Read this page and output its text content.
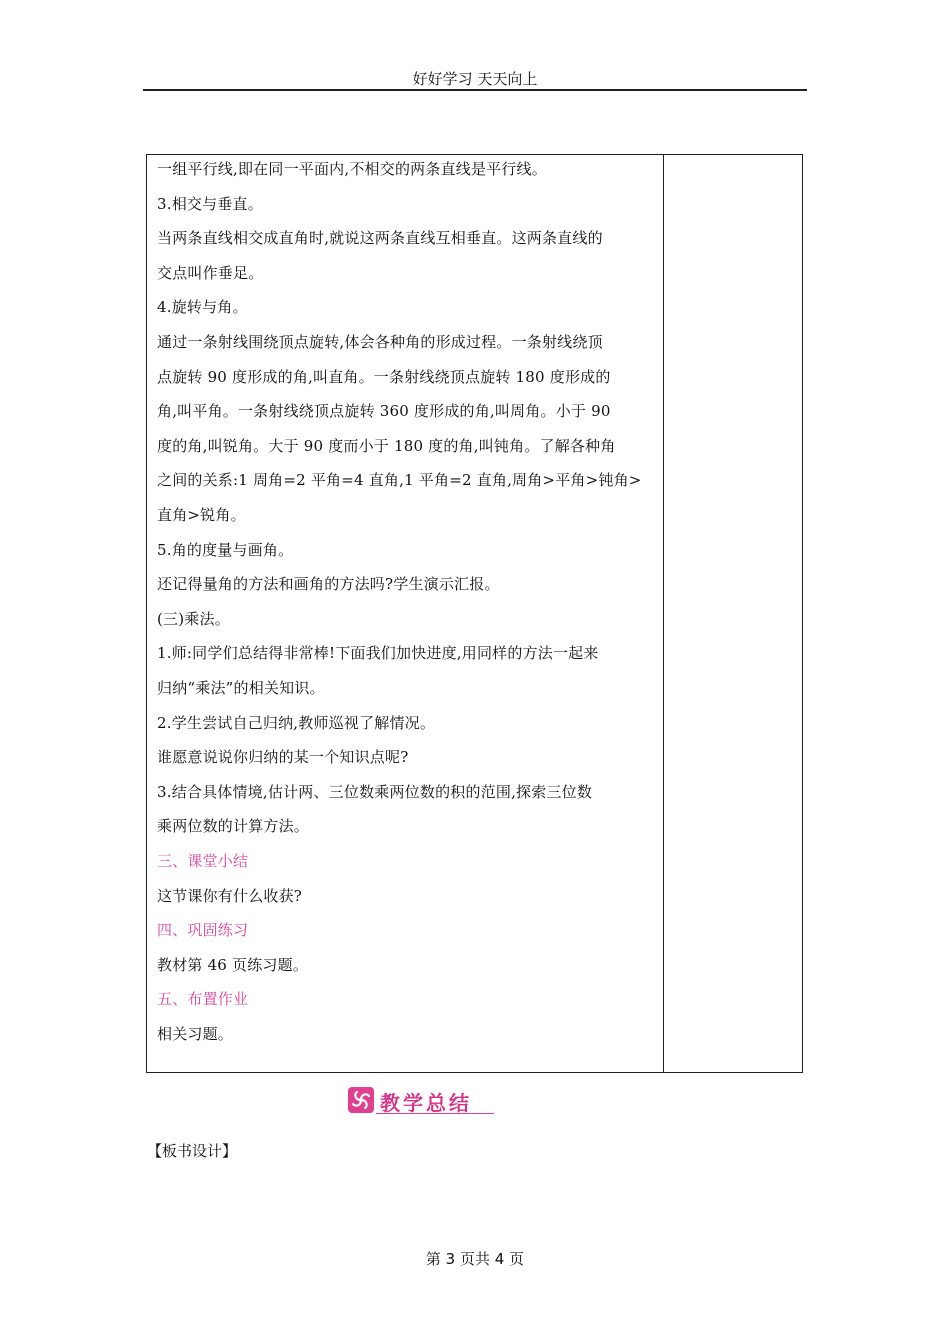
好好学习 天天向上
一组平行线,即在同一平面内,不相交的两条直线是平行线。
3.相交与垂直。
当两条直线相交成直角时,就说这两条直线互相垂直。这两条直线的
交点叫作垂足。
4.旋转与角。
通过一条射线围绕顶点旋转,体会各种角的形成过程。一条射线绕顶
点旋转 90 度形成的角,叫直角。一条射线绕顶点旋转 180 度形成的
角,叫平角。一条射线绕顶点旋转 360 度形成的角,叫周角。小于 90
度的角,叫锐角。大于 90 度而小于 180 度的角,叫钝角。了解各种角
之间的关系:1 周角=2 平角=4 直角,1 平角=2 直角,周角>平角>钝角>
直角>锐角。
5.角的度量与画角。
还记得量角的方法和画角的方法吗?学生演示汇报。
(三)乘法。
1.师:同学们总结得非常棒!下面我们加快进度,用同样的方法一起来
归纳“乘法”的相关知识。
2.学生尝试自己归纳,教师巡视了解情况。
谁愿意说说你归纳的某一个知识点呢?
3.结合具体情境,估计两、三位数乘两位数的积的范围,探索三位数
乘两位数的计算方法。
三、课堂小结
这节课你有什么收获?
四、巩固练习
教材第 46 页练习题。
五、布置作业
相关习题。
教学总结
【板书设计】
第 3 页共 4 页
